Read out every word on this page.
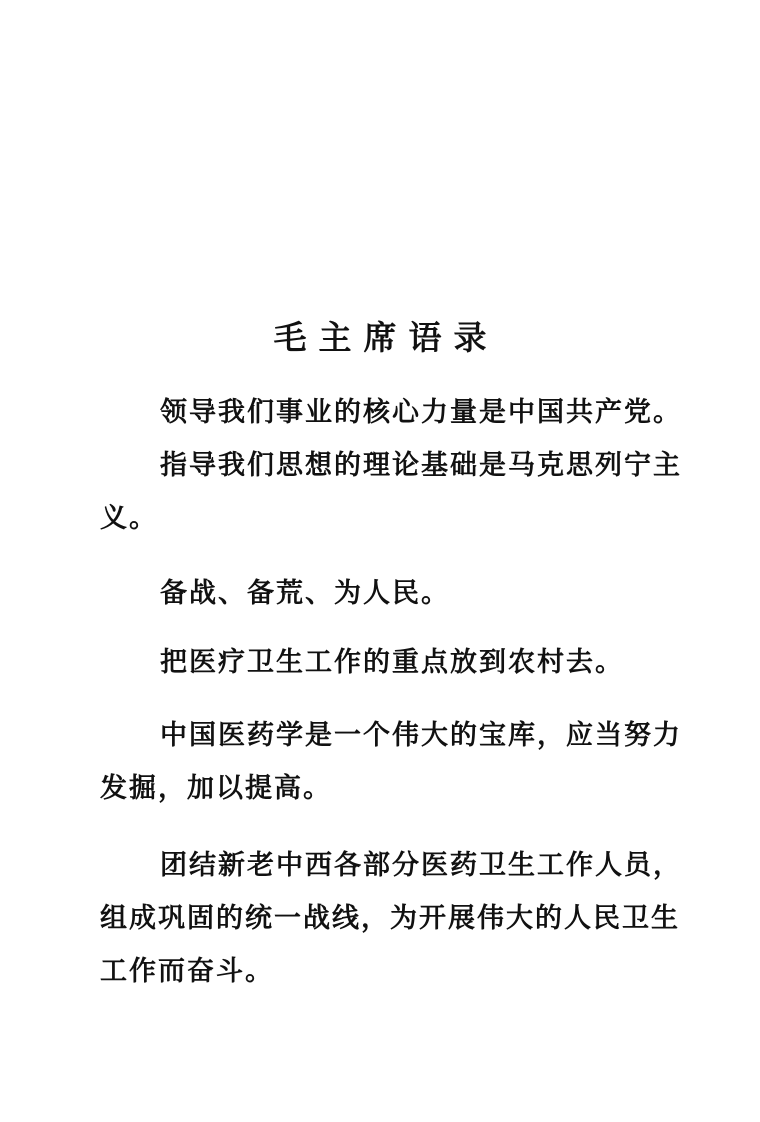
毛主席语录

领导我们事业的核心力量是中国共产党。

指导我们思想的理论基础是马克思列宁主义。

备战、备荒、为人民。

把医疗卫生工作的重点放到农村去。

中国医药学是一个伟大的宝库，应当努力发掘，加以提高。

团结新老中西各部分医药卫生工作人员，组成巩固的统一战线，为开展伟大的人民卫生工作而奋斗。
